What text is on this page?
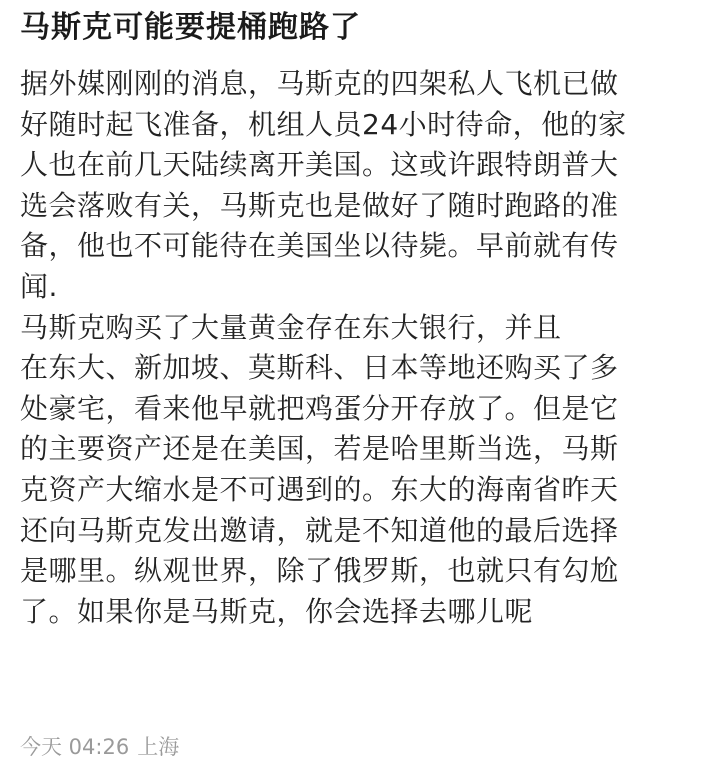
马斯克可能要提桶跑路了

据外媒刚刚的消息，马斯克的四架私人飞机已做

好随时起飞准备，机组人员24小时待命，他的家

人也在前几天陆续离开美国。这或许跟特朗普大

选会落败有关，马斯克也是做好了随时跑路的准

备，他也不可能待在美国坐以待毙。早前就有传

闻.

马斯克购买了大量黄金存在东大银行，并且

在东大、新加坡、莫斯科、日本等地还购买了多

处豪宅，看来他早就把鸡蛋分开存放了。但是它

的主要资产还是在美国，若是哈里斯当选，马斯

克资产大缩水是不可遇到的。东大的海南省昨天

还向马斯克发出邀请，就是不知道他的最后选择

是哪里。纵观世界，除了俄罗斯，也就只有勾尬

了。如果你是马斯克，你会选择去哪儿呢

今天 04:26 上海
